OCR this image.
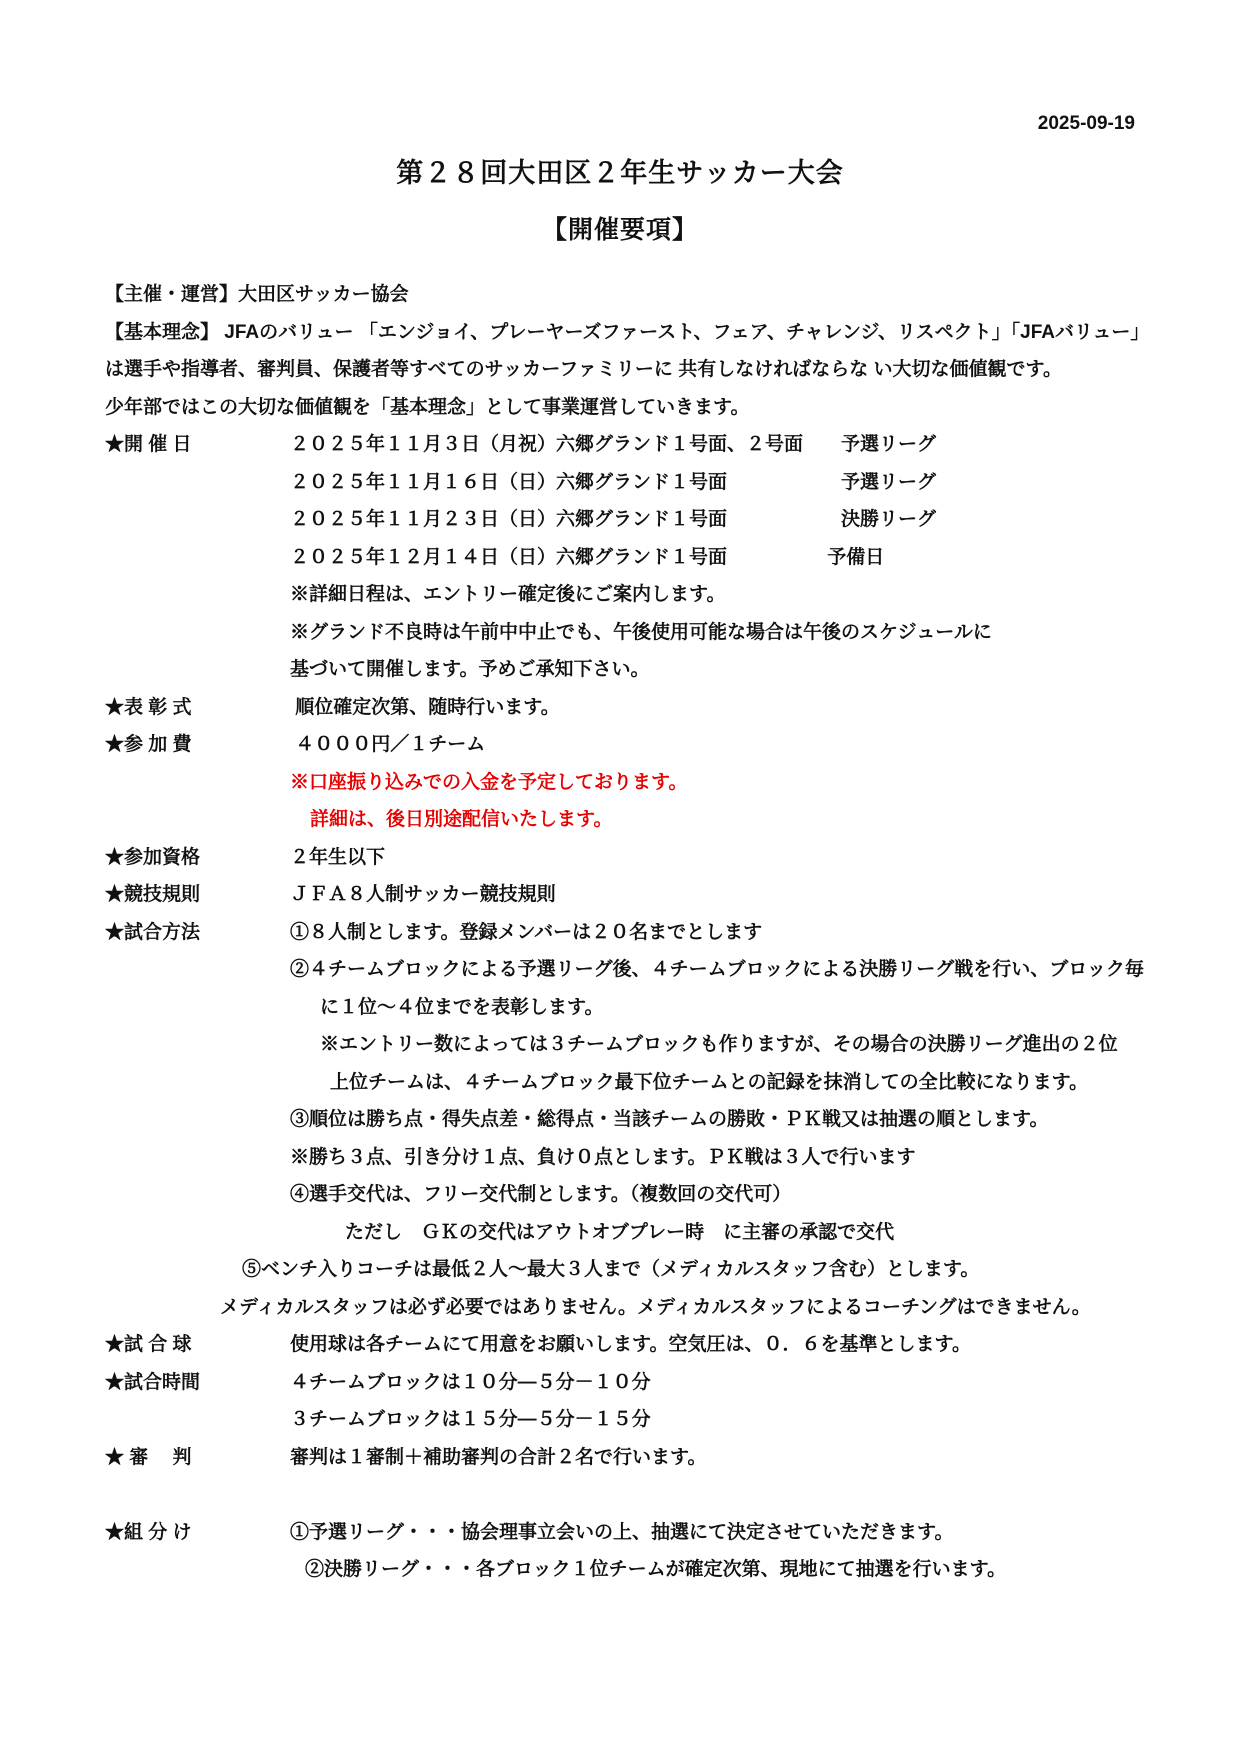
2025-09-19
第２８回大田区２年生サッカー大会
【開催要項】
【主催・運営】大田区サッカー協会
【基本理念】 JFAのバリュー 「エンジョイ、プレーヤーズファースト、フェア、チャレンジ、リスペクト」「JFAバリュー」
は選手や指導者、審判員、保護者等すべてのサッカーファミリーに 共有しなければならな い大切な価値観です。
少年部ではこの大切な価値観を「基本理念」として事業運営していきます。
★開 催 日	２０２５年１１月３日（月祝）六郷グランド１号面、２号面　　予選リーグ
２０２５年１１月１６日（日）六郷グランド１号面　　　　　　予選リーグ
２０２５年１１月２３日（日）六郷グランド１号面　　　　　　決勝リーグ
２０２５年１２月１４日（日）六郷グランド１号面　　　　　 予備日
※詳細日程は、エントリー確定後にご案内します。
※グランド不良時は午前中中止でも、午後使用可能な場合は午後のスケジュールに
基づいて開催します。予めご承知下さい。
★表 彰 式	順位確定次第、随時行います。
★参 加 費	４０００円／１チーム
※口座振り込みでの入金を予定しております。
詳細は、後日別途配信いたします。
★参加資格	２年生以下
★競技規則	ＪＦＡ８人制サッカー競技規則
★試合方法	①８人制とします。登録メンバーは２０名までとします
②４チームブロックによる予選リーグ後、４チームブロックによる決勝リーグ戦を行い、ブロック毎
に１位～４位までを表彰します。
※エントリー数によっては３チームブロックも作りますが、その場合の決勝リーグ進出の２位
上位チームは、４チームブロック最下位チームとの記録を抹消しての全比較になります。
③順位は勝ち点・得失点差・総得点・当該チームの勝敗・ＰＫ戦又は抽選の順とします。
※勝ち３点、引き分け１点、負け０点とします。ＰＫ戦は３人で行います
④選手交代は、フリー交代制とします。（複数回の交代可）
ただし　ＧＫの交代はアウトオブプレー時　に主審の承認で交代
⑤ベンチ入りコーチは最低２人～最大３人まで（メディカルスタッフ含む）とします。
メディカルスタッフは必ず必要ではありません。メディカルスタッフによるコーチングはできません。
★試 合 球	使用球は各チームにて用意をお願いします。空気圧は、０．６を基準とします。
★試合時間	４チームブロックは１０分—５分－１０分
３チームブロックは１５分—５分－１５分
★ 審　 判	審判は１審制＋補助審判の合計２名で行います。
★組 分 け	①予選リーグ・・・協会理事立会いの上、抽選にて決定させていただきます。
②決勝リーグ・・・各ブロック１位チームが確定次第、現地にて抽選を行います。
